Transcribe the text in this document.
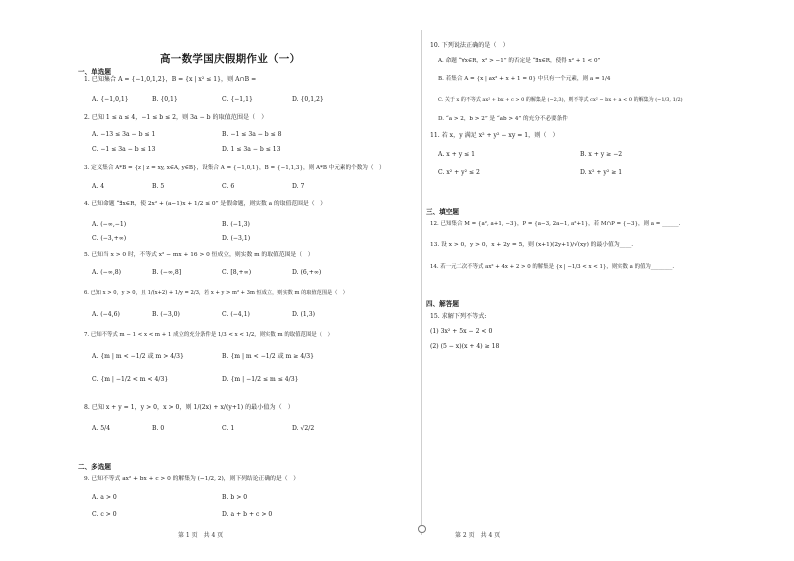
高一数学国庆假期作业（一）
一、单选题
1. 已知集合 A = {−1,0,1,2}，B = {x | x² ≤ 1}，则 A∩B =
A. {−1,0,1}	B. {0,1}	C. {−1,1}	D. {0,1,2}
2. 已知 1 ≤ a ≤ 4，−1 ≤ b ≤ 2，则 3a − b 的取值范围是（　）
A. −13 ≤ 3a − b ≤ 1	B. −1 ≤ 3a − b ≤ 8
C. −1 ≤ 3a − b ≤ 13	D. 1 ≤ 3a − b ≤ 13
3. 定义集合 A*B = {z | z = xy, x∈A, y∈B}，设集合 A = {−1,0,1}，B = {−1,1,3}，则 A*B 中元素的个数为（　）
A. 4	B. 5	C. 6	D. 7
4. 已知命题 “∃x∈R，使 2x² + (a−1)x + 1/2 ≤ 0” 是假命题，则实数 a 的取值范围是（　）
A. (−∞,−1)	B. (−1,3)
C. (−3,+∞)	D. (−3,1)
5. 已知当 x > 0 时，不等式 x² − mx + 16 > 0 恒成立，则实数 m 的取值范围是（　）
A. (−∞,8)	B. (−∞,8]	C. [8,+∞)	D. (6,+∞)
6. 已知 x > 0，y > 0，且 1/(x+2) + 1/y = 2/3，若 x + y > m² + 3m 恒成立，则实数 m 的取值范围是（　）
A. (−4,6)	B. (−3,0)	C. (−4,1)	D. (1,3)
7. 已知不等式 m − 1 < x < m + 1 成立的充分条件是 1/3 < x < 1/2，则实数 m 的取值范围是（　）
A. {m | m < −1/2 或 m > 4/3}	B. {m | m < −1/2 或 m ≥ 4/3}
C. {m | −1/2 < m < 4/3}	D. {m | −1/2 ≤ m ≤ 4/3}
8. 已知 x + y = 1，y > 0，x > 0，则 1/(2x) + x/(y+1) 的最小值为（　）
A. 5/4	B. 0	C. 1	D. √2/2
二、多选题
9. 已知不等式 ax² + bx + c > 0 的解集为 (−1/2, 2)，则下列结论正确的是（　）
A. a > 0	B. b > 0
C. c > 0	D. a + b + c > 0
第 1 页　共 4 页
10. 下列说法正确的是（　）
A. 命题 “∀x∈R，x² > −1” 的否定是 “∃x∈R，使得 x² + 1 < 0”
B. 若集合 A = {x | ax² + x + 1 = 0} 中只有一个元素，则 a = 1/4
C. 关于 x 的不等式 ax² + bx + c > 0 的解集是 (−2,3)，则不等式 cx² − bx + a < 0 的解集为 (−1/3, 1/2)
D. “a > 2，b > 2” 是 “ab > 4” 的充分不必要条件
11. 若 x，y 满足 x² + y² − xy = 1，则（　）
A. x + y ≤ 1	B. x + y ≥ −2
C. x² + y² ≤ 2	D. x² + y² ≥ 1
三、填空题
12. 已知集合 M = {a², a+1, −3}，P = {a−3, 2a−1, a²+1}，若 M∩P = {−3}，则 a = ______.
13. 设 x > 0，y > 0，x + 2y = 5，则 (x+1)(2y+1)/√(xy) 的最小值为____.
14. 若一元二次不等式 ax² + 4x + 2 > 0 的解集是 {x | −1/3 < x < 1}，则实数 a 的值为________.
四、解答题
15. 求解下列不等式:
(1) 3x² + 5x − 2 < 0
(2) (5 − x)(x + 4) ≥ 18
第 2 页　共 4 页
